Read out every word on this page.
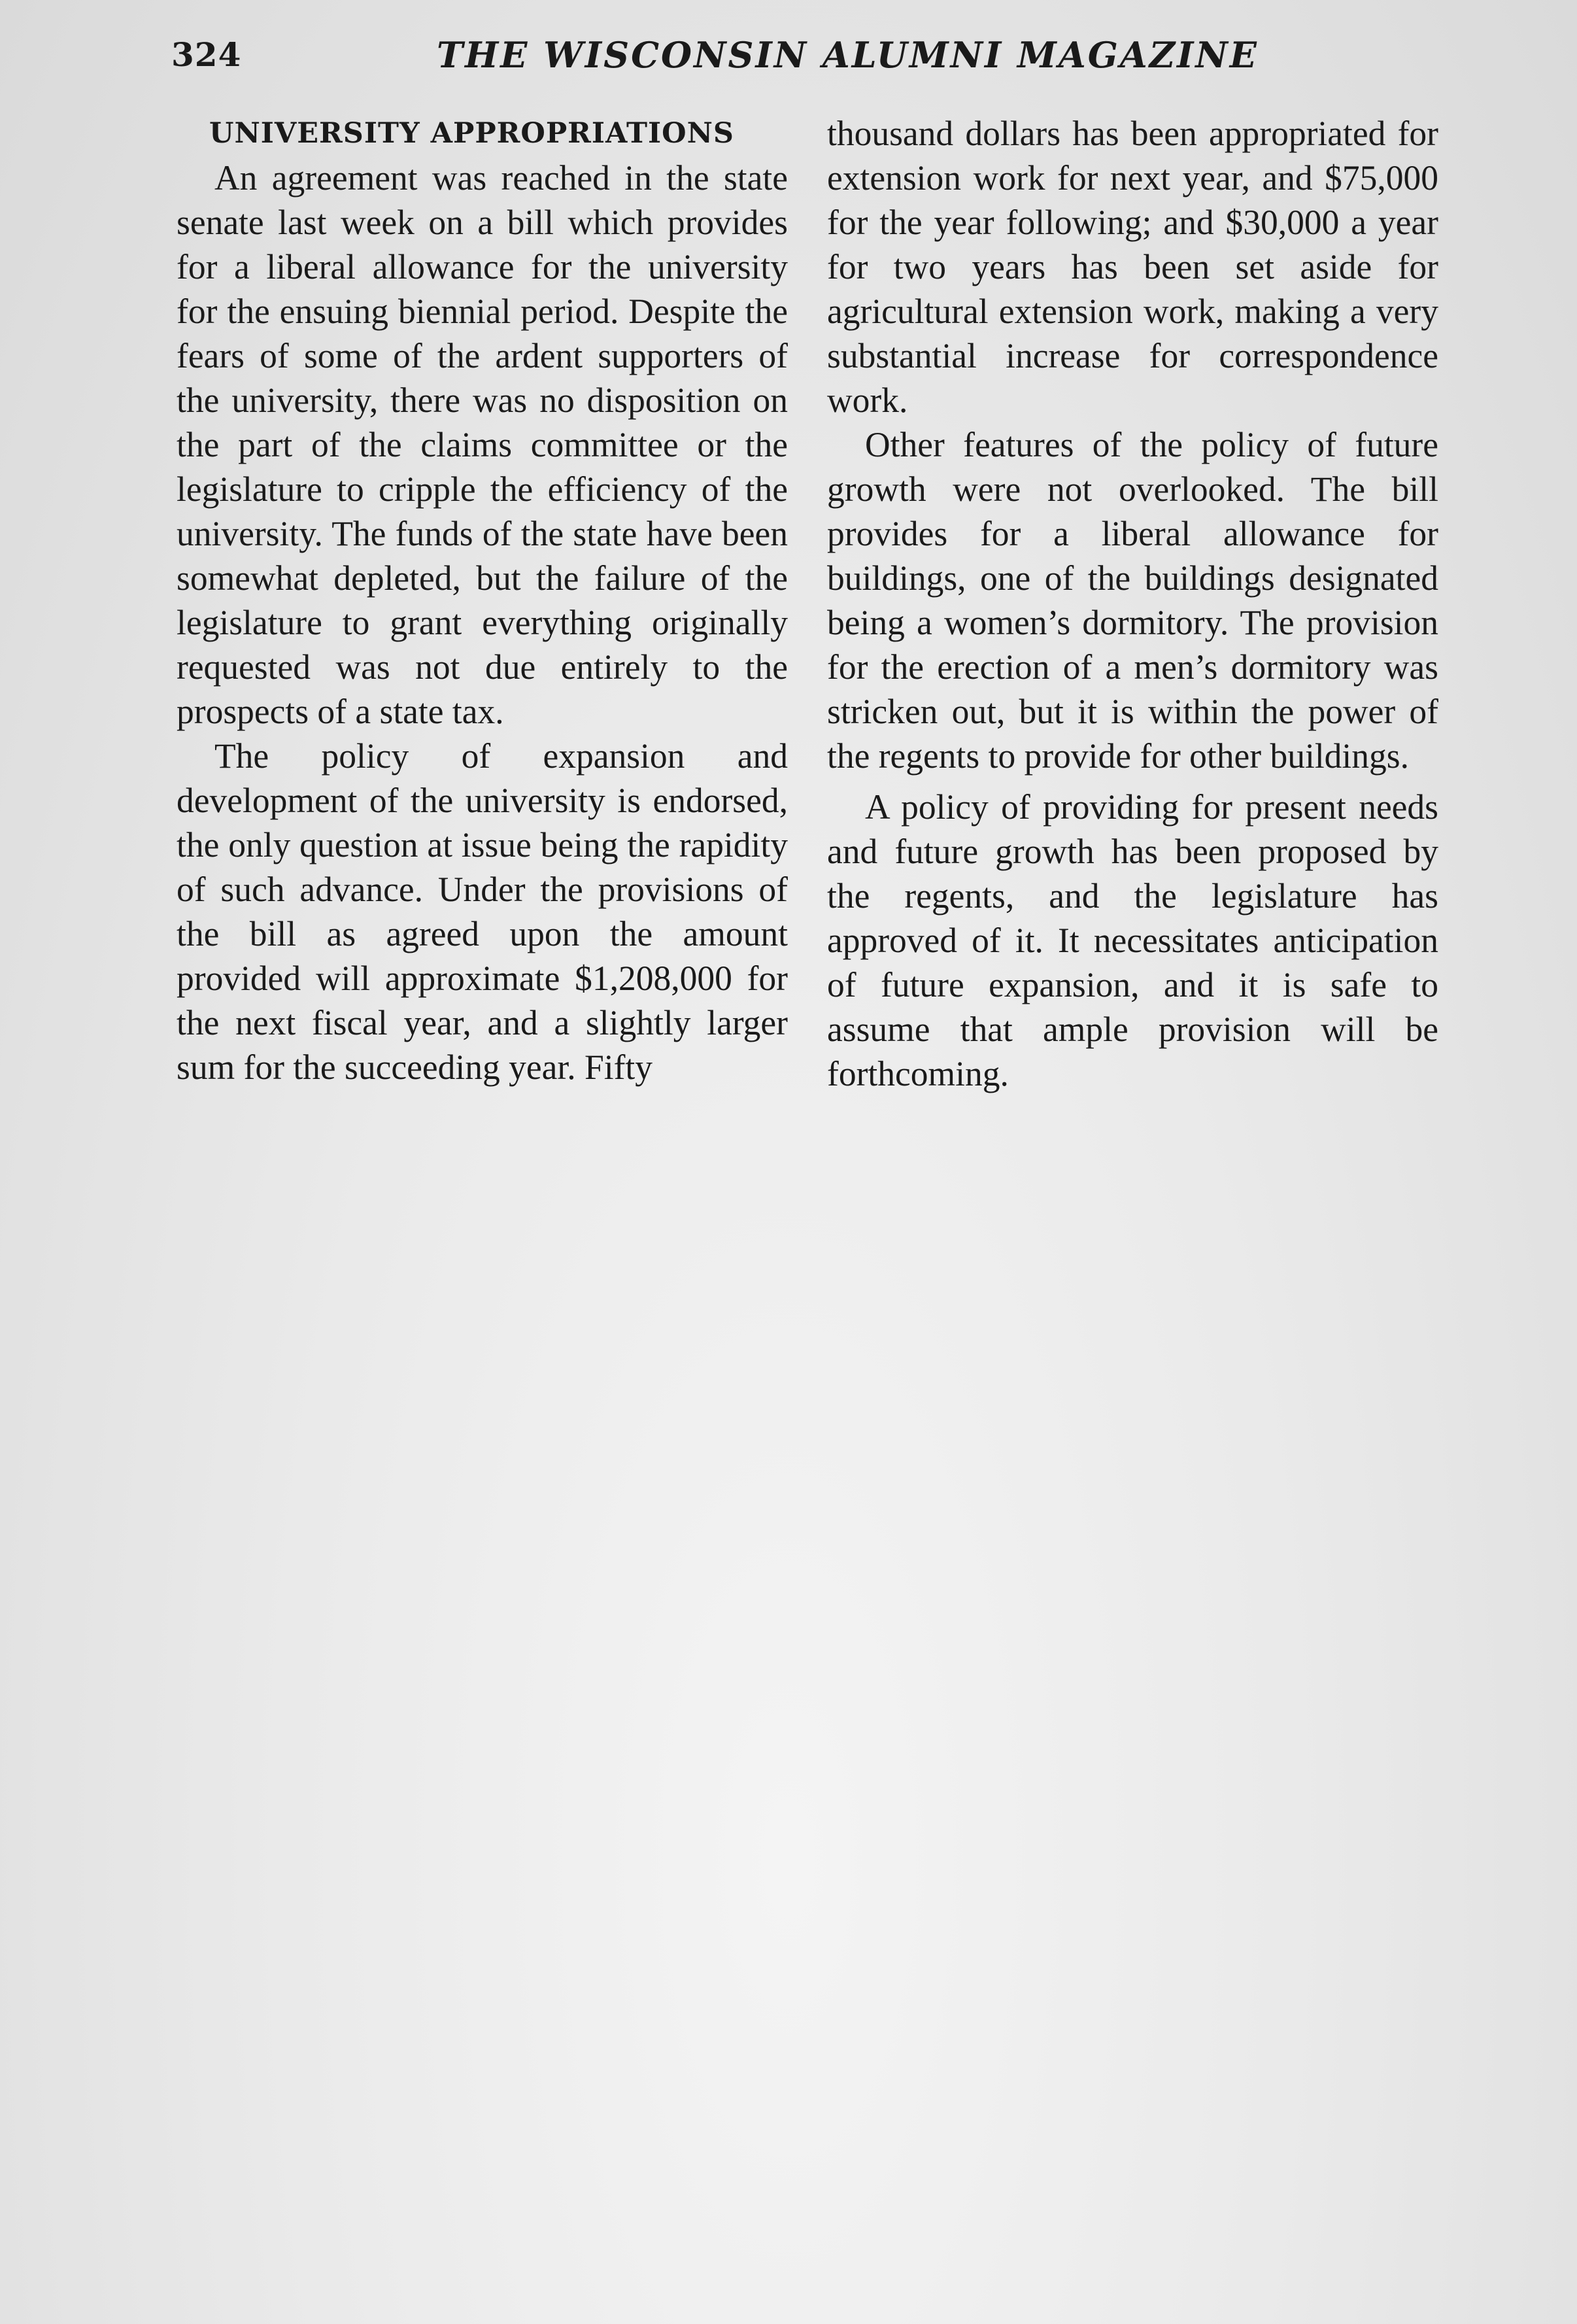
324	THE WISCONSIN ALUMNI MAGAZINE
UNIVERSITY APPROPRIATIONS

An agreement was reached in the state senate last week on a bill which provides for a liberal allowance for the university for the ensuing biennial period. Despite the fears of some of the ardent supporters of the university, there was no disposition on the part of the claims committee or the legislature to cripple the efficiency of the university. The funds of the state have been somewhat depleted, but the failure of the legislature to grant everything originally requested was not due entirely to the prospects of a state tax.

The policy of expansion and development of the university is endorsed, the only question at issue being the rapidity of such advance. Under the provisions of the bill as agreed upon the amount provided will approximate $1,208,000 for the next fiscal year, and a slightly larger sum for the succeeding year. Fifty

thousand dollars has been appropriated for extension work for next year, and $75,000 for the year following; and $30,000 a year for two years has been set aside for agricultural extension work, making a very substantial increase for correspondence work.

Other features of the policy of future growth were not overlooked. The bill provides for a liberal allowance for buildings, one of the buildings designated being a women’s dormitory. The provision for the erection of a men’s dormitory was stricken out, but it is within the power of the regents to provide for other buildings.

A policy of providing for present needs and future growth has been proposed by the regents, and the legislature has approved of it. It necessitates anticipation of future expansion, and it is safe to assume that ample provision will be forthcoming.
